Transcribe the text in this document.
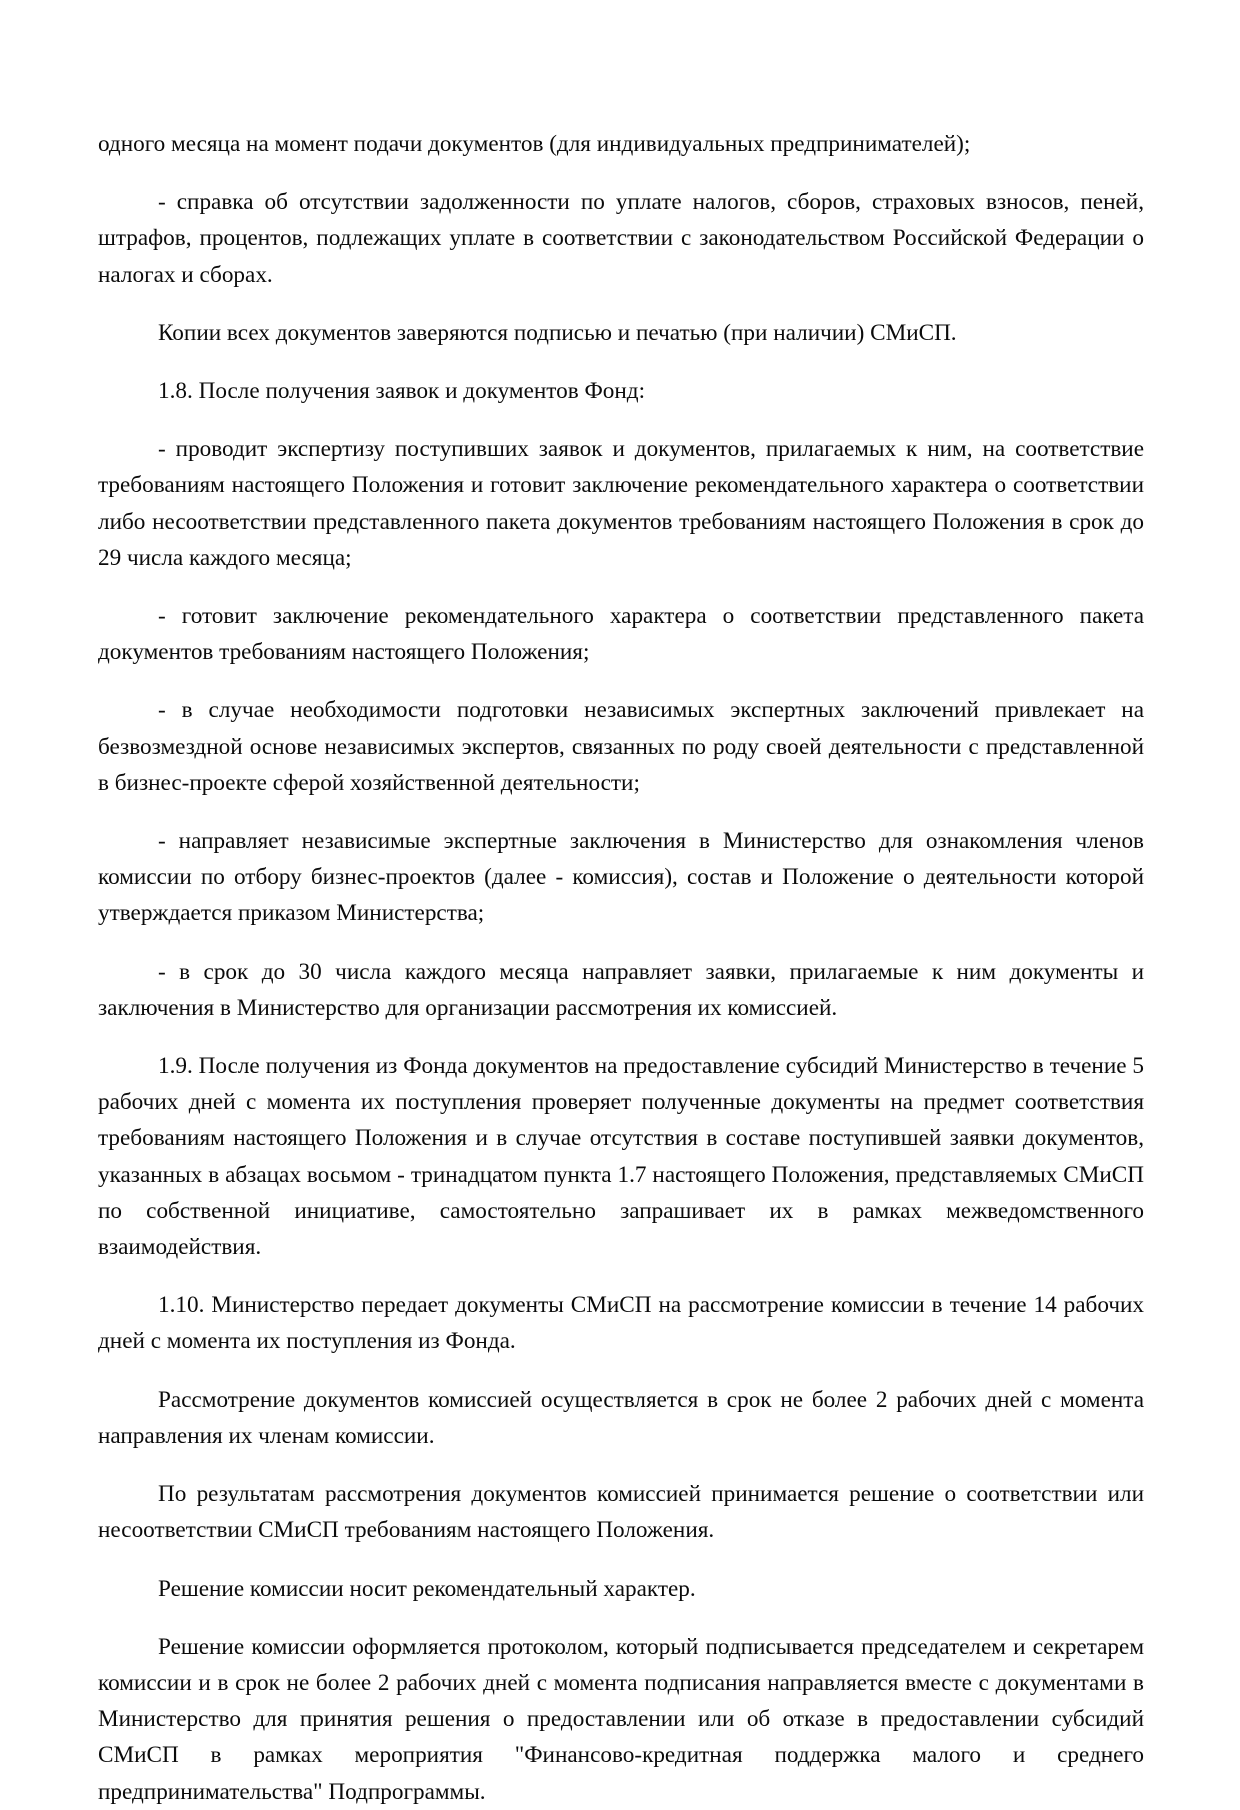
одного месяца на момент подачи документов (для индивидуальных предпринимателей);

- справка об отсутствии задолженности по уплате налогов, сборов, страховых взносов, пеней, штрафов, процентов, подлежащих уплате в соответствии с законодательством Российской Федерации о налогах и сборах.

Копии всех документов заверяются подписью и печатью (при наличии) СМиСП.

1.8. После получения заявок и документов Фонд:

- проводит экспертизу поступивших заявок и документов, прилагаемых к ним, на соответствие требованиям настоящего Положения и готовит заключение рекомендательного характера о соответствии либо несоответствии представленного пакета документов требованиям настоящего Положения в срок до 29 числа каждого месяца;

- готовит заключение рекомендательного характера о соответствии представленного пакета документов требованиям настоящего Положения;

- в случае необходимости подготовки независимых экспертных заключений привлекает на безвозмездной основе независимых экспертов, связанных по роду своей деятельности с представленной в бизнес-проекте сферой хозяйственной деятельности;

- направляет независимые экспертные заключения в Министерство для ознакомления членов комиссии по отбору бизнес-проектов (далее - комиссия), состав и Положение о деятельности которой утверждается приказом Министерства;

- в срок до 30 числа каждого месяца направляет заявки, прилагаемые к ним документы и заключения в Министерство для организации рассмотрения их комиссией.

1.9. После получения из Фонда документов на предоставление субсидий Министерство в течение 5 рабочих дней с момента их поступления проверяет полученные документы на предмет соответствия требованиям настоящего Положения и в случае отсутствия в составе поступившей заявки документов, указанных в абзацах восьмом - тринадцатом пункта 1.7 настоящего Положения, представляемых СМиСП по собственной инициативе, самостоятельно запрашивает их в рамках межведомственного взаимодействия.

1.10. Министерство передает документы СМиСП на рассмотрение комиссии в течение 14 рабочих дней с момента их поступления из Фонда.

Рассмотрение документов комиссией осуществляется в срок не более 2 рабочих дней с момента направления их членам комиссии.

По результатам рассмотрения документов комиссией принимается решение о соответствии или несоответствии СМиСП требованиям настоящего Положения.

Решение комиссии носит рекомендательный характер.

Решение комиссии оформляется протоколом, который подписывается председателем и секретарем комиссии и в срок не более 2 рабочих дней с момента подписания направляется вместе с документами в Министерство для принятия решения о предоставлении или об отказе в предоставлении субсидий СМиСП в рамках мероприятия "Финансово-кредитная поддержка малого и среднего предпринимательства" Подпрограммы.
